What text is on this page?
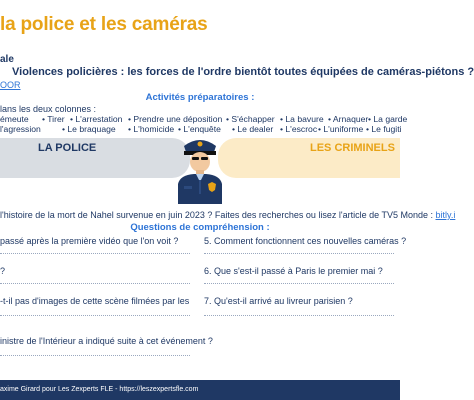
la police et les caméras
ale
Violences policières : les forces de l'ordre bientôt toutes équipées de caméras-piétons ?
OOR
Activités préparatoires :
lans les deux colonnes :
émeute • Tirer • L'arrestation • Prendre une déposition • S'échapper • La bavure • Arnaquer • La garde
l'agression • Le braquage • L'homicide • L'enquête • Le dealer • L'escroc • L'uniforme • Le fugiti
LA POLICE	LES CRIMINELS
l'histoire de la mort de Nahel survenue en juin 2023 ? Faites des recherches ou lisez l'article de TV5 Monde : bitly.i
Questions de compréhension :
passé après la première vidéo que l'on voit ?
?
-t-il pas d'images de cette scène filmées par les
inistre de l'Intérieur a indiqué suite à cet événement ?
5. Comment fonctionnent ces nouvelles caméras ?
6. Que s'est-il passé à Paris le premier mai ?
7. Qu'est-il arrivé au livreur parisien ?
axime Girard pour Les Zexperts FLE - https://leszexpertsfle.com
